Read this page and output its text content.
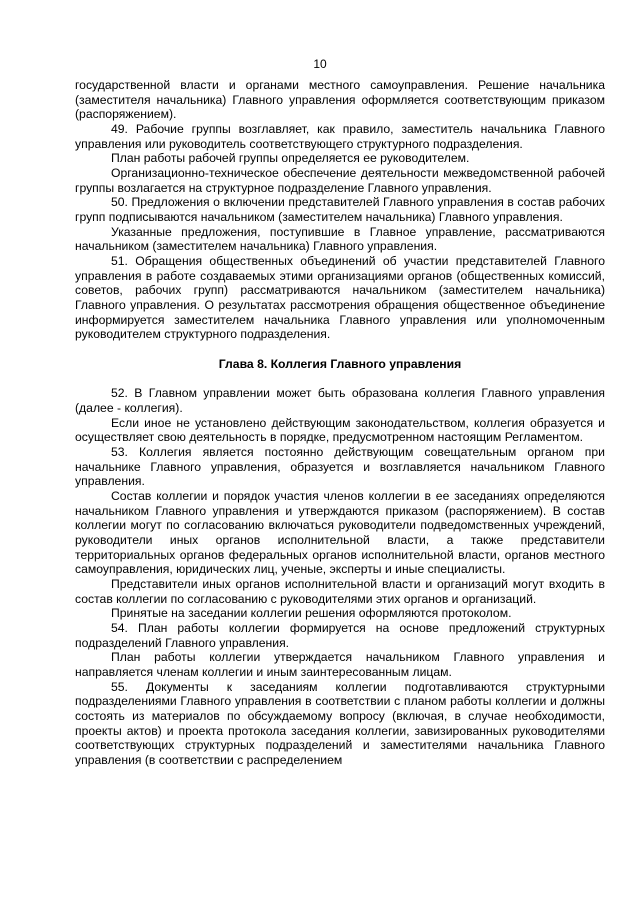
10

государственной власти и органами местного самоуправления. Решение начальника (заместителя начальника) Главного управления оформляется соответствующим приказом (распоряжением).

49. Рабочие группы возглавляет, как правило, заместитель начальника Главного управления или руководитель соответствующего структурного подразделения.

План работы рабочей группы определяется ее руководителем.

Организационно-техническое обеспечение деятельности межведомственной рабочей группы возлагается на структурное подразделение Главного управления.

50. Предложения о включении представителей Главного управления в состав рабочих групп подписываются начальником (заместителем начальника) Главного управления.

Указанные предложения, поступившие в Главное управление, рассматриваются начальником (заместителем начальника) Главного управления.

51. Обращения общественных объединений об участии представителей Главного управления в работе создаваемых этими организациями органов (общественных комиссий, советов, рабочих групп) рассматриваются начальником (заместителем начальника) Главного управления. О результатах рассмотрения обращения общественное объединение информируется заместителем начальника Главного управления или уполномоченным руководителем структурного подразделения.

Глава 8. Коллегия Главного управления

52. В Главном управлении может быть образована коллегия Главного управления (далее - коллегия).

Если иное не установлено действующим законодательством, коллегия образуется и осуществляет свою деятельность в порядке, предусмотренном настоящим Регламентом.

53. Коллегия является постоянно действующим совещательным органом при начальнике Главного управления, образуется и возглавляется начальником Главного управления.

Состав коллегии и порядок участия членов коллегии в ее заседаниях определяются начальником Главного управления и утверждаются приказом (распоряжением). В состав коллегии могут по согласованию включаться руководители подведомственных учреждений, руководители иных органов исполнительной власти, а также представители территориальных органов федеральных органов исполнительной власти, органов местного самоуправления, юридических лиц, ученые, эксперты и иные специалисты.

Представители иных органов исполнительной власти и организаций могут входить в состав коллегии по согласованию с руководителями этих органов и организаций.

Принятые на заседании коллегии решения оформляются протоколом.

54. План работы коллегии формируется на основе предложений структурных подразделений Главного управления.

План работы коллегии утверждается начальником Главного управления и направляется членам коллегии и иным заинтересованным лицам.

55. Документы к заседаниям коллегии подготавливаются структурными подразделениями Главного управления в соответствии с планом работы коллегии и должны состоять из материалов по обсуждаемому вопросу (включая, в случае необходимости, проекты актов) и проекта протокола заседания коллегии, завизированных руководителями соответствующих структурных подразделений и заместителями начальника Главного управления (в соответствии с распределением
